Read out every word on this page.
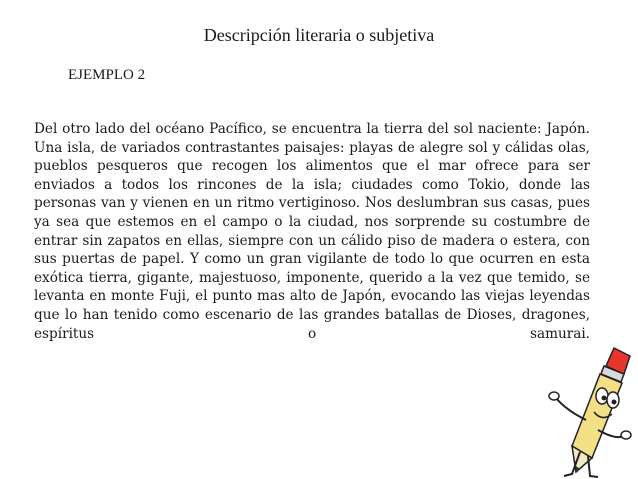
Descripción literaria o subjetiva
EJEMPLO 2
Del otro lado del océano Pacífico, se encuentra la tierra del sol naciente: Japón. Una isla, de variados contrastantes paisajes: playas de alegre sol y cálidas olas, pueblos pesqueros que recogen los alimentos que el mar ofrece para ser enviados a todos los rincones de la isla; ciudades como Tokio, donde las personas van y vienen en un ritmo vertiginoso. Nos deslumbran sus casas, pues ya sea que estemos en el campo o la ciudad, nos sorprende su costumbre de entrar sin zapatos en ellas, siempre con un cálido piso de madera o estera, con sus puertas de papel. Y como un gran vigilante de todo lo que ocurren en esta exótica tierra, gigante, majestuoso, imponente, querido a la vez que temido, se levanta en monte Fuji, el punto mas alto de Japón, evocando las viejas leyendas que lo han tenido como escenario de las grandes batallas de Dioses, dragones, espíritus o samurai.
